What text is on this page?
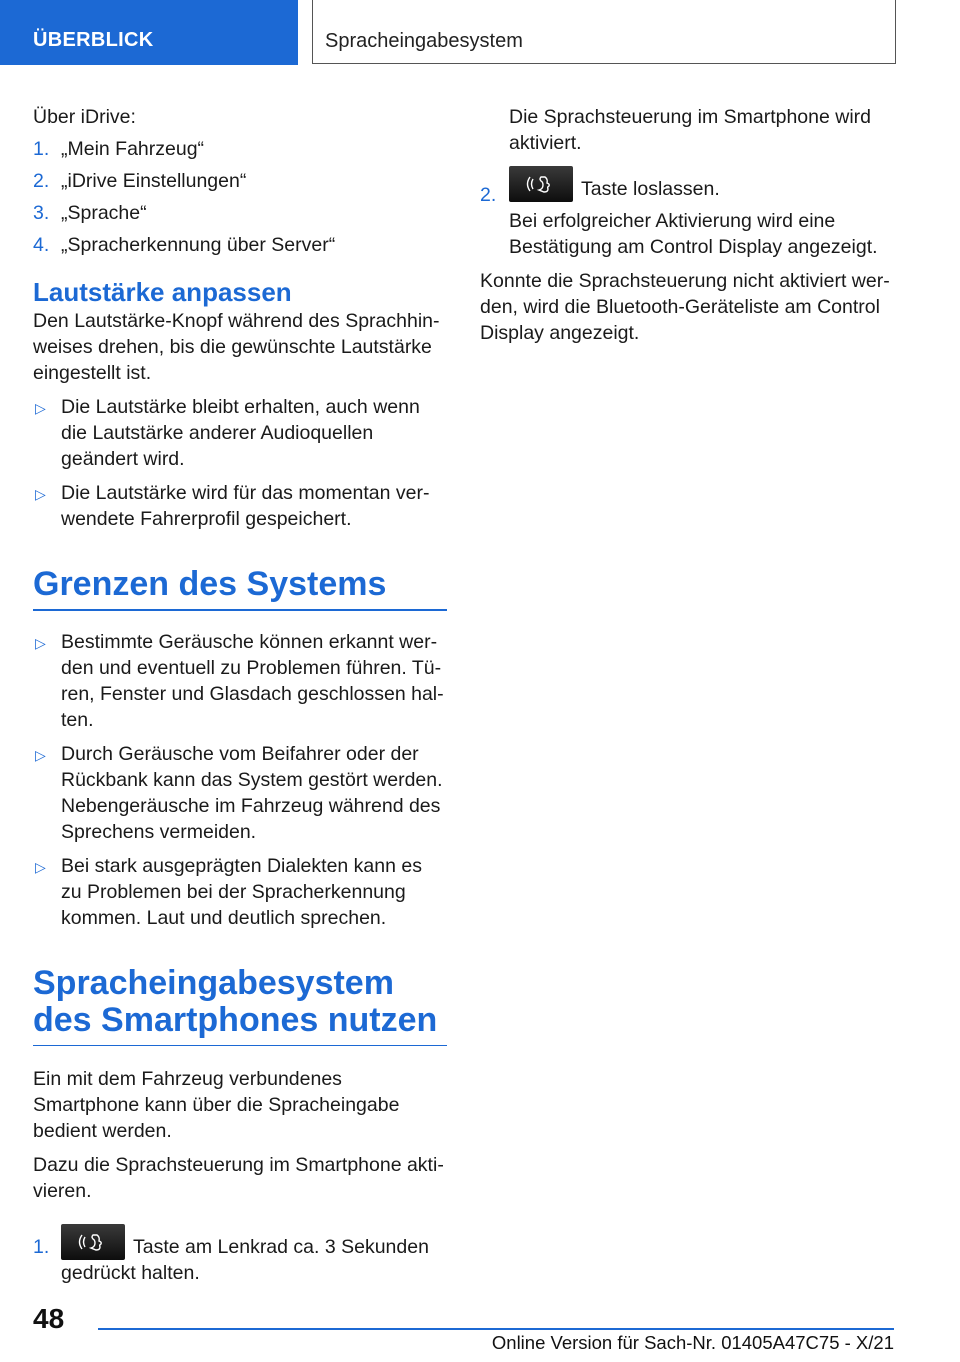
ÜBERBLICK	Spracheingabesystem

Über iDrive:

1. „Mein Fahrzeug“
2. „iDrive Einstellungen“
3. „Sprache“
4. „Spracherkennung über Server“
Lautstärke anpassen

Den Lautstärke-Knopf während des Sprachhinweises drehen, bis die gewünschte Lautstärke eingestellt ist.

▷ Die Lautstärke bleibt erhalten, auch wenn die Lautstärke anderer Audioquellen geändert wird.
▷ Die Lautstärke wird für das momentan verwendete Fahrerprofil gespeichert.
Grenzen des Systems
▷ Bestimmte Geräusche können erkannt werden und eventuell zu Problemen führen. Türen, Fenster und Glasdach geschlossen halten.
▷ Durch Geräusche vom Beifahrer oder der Rückbank kann das System gestört werden. Nebengeräusche im Fahrzeug während des Sprechens vermeiden.
▷ Bei stark ausgeprägten Dialekten kann es zu Problemen bei der Spracherkennung kommen. Laut und deutlich sprechen.
Spracheingabesystem des Smartphones nutzen

Ein mit dem Fahrzeug verbundenes Smartphone kann über die Spracheingabe bedient werden.

Dazu die Sprachsteuerung im Smartphone aktivieren.

1.	Taste am Lenkrad ca. 3 Sekunden gedrückt halten.

Die Sprachsteuerung im Smartphone wird aktiviert.

2.	Taste loslassen.

Bei erfolgreicher Aktivierung wird eine Bestätigung am Control Display angezeigt.

Konnte die Sprachsteuerung nicht aktiviert werden, wird die Bluetooth-Geräteliste am Control Display angezeigt.

48
Online Version für Sach-Nr. 01405A47C75 - X/21
